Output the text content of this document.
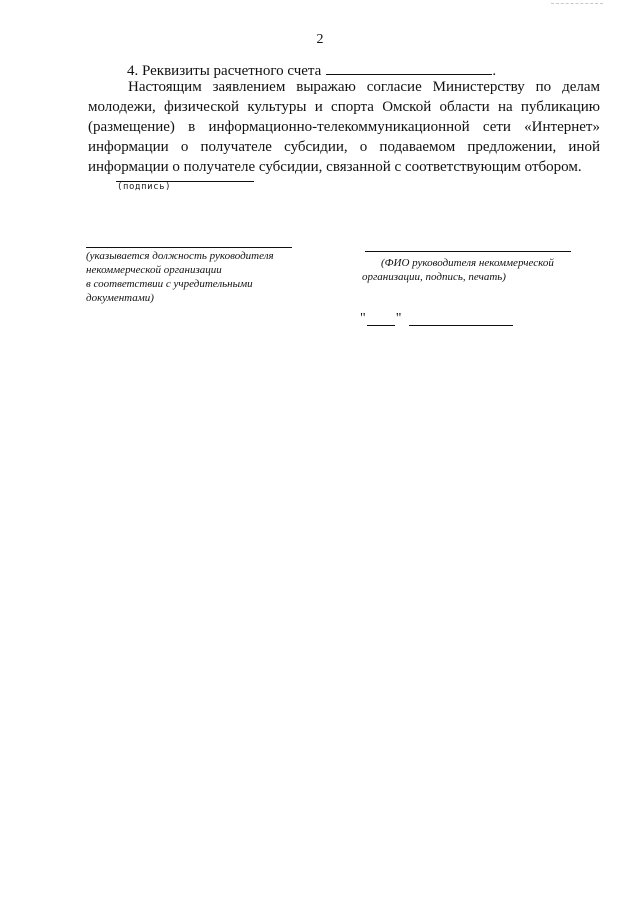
2
4. Реквизиты расчетного счета	.

Настоящим заявлением выражаю согласие Министерству по делам молодежи, физической культуры и спорта Омской области на публикацию (размещение) в информационно-телекоммуникационной сети «Интернет» информации о получателе субсидии, о подаваемом предложении, иной информации о получателе субсидии, связанной с соответствующим отбором.

(подпись)
(указывается должность руководителя
некоммерческой организации
в соответствии с учредительными
документами)
(ФИО руководителя некоммерческой
организации, подпись, печать)
" "
